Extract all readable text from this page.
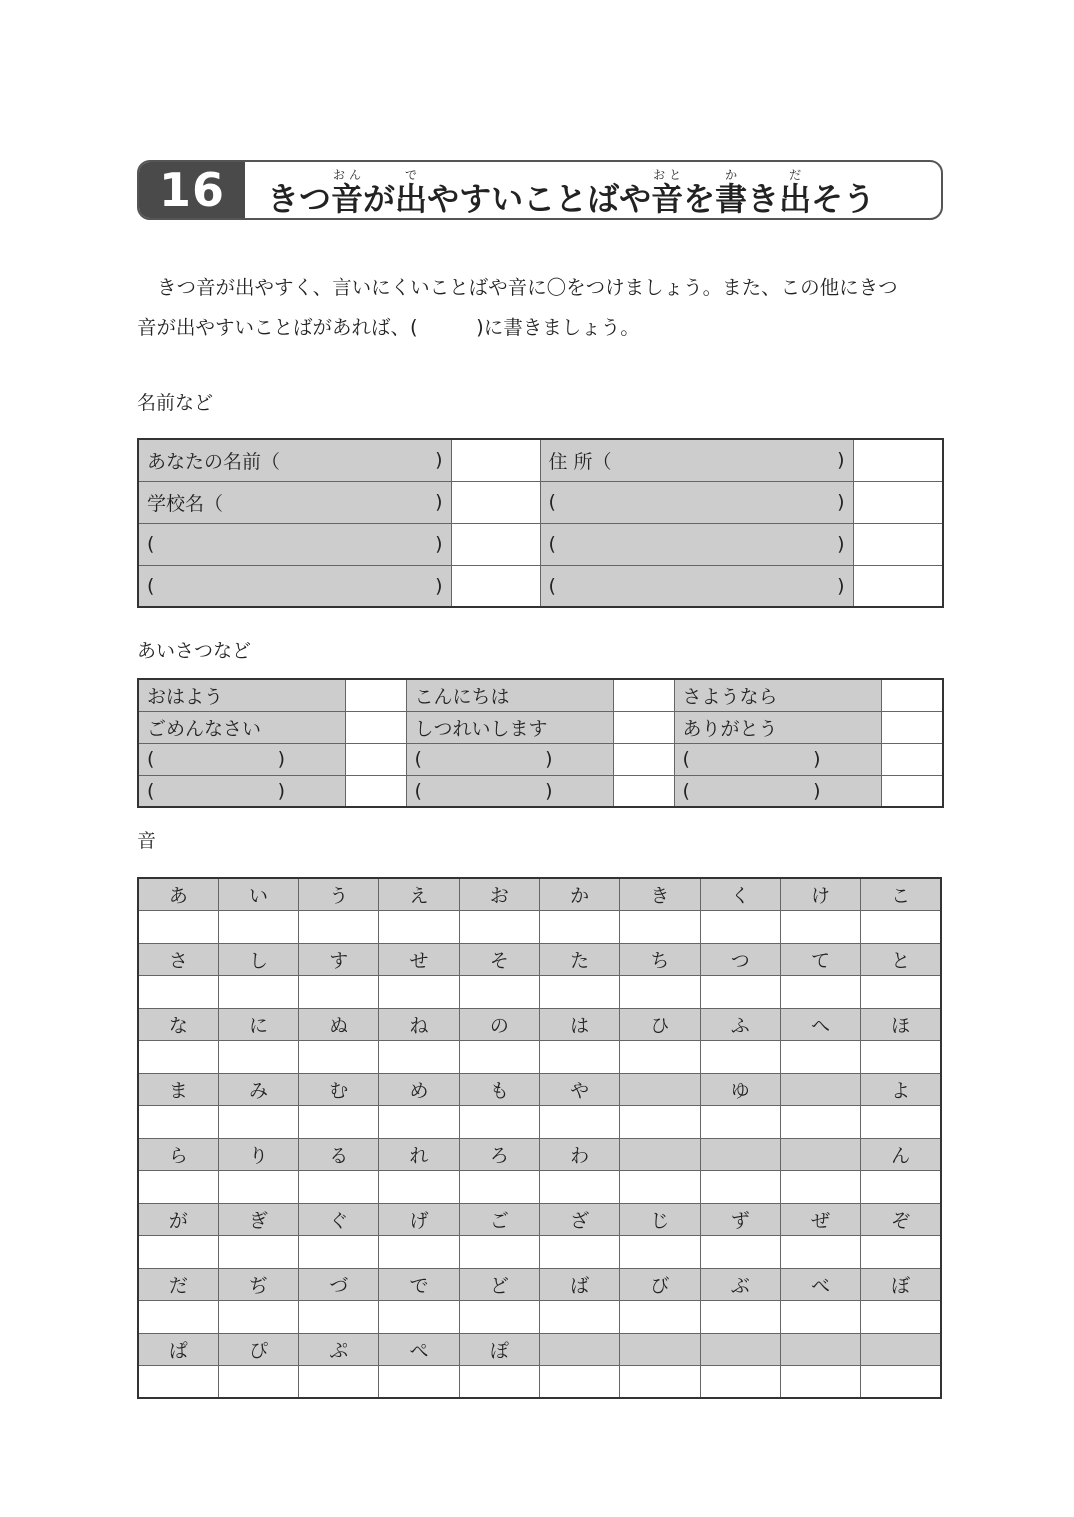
16	きつ音おんが出でやすいことばや音おとを書かき出だそう
きつ音が出やすく、言いにくいことばや音に〇をつけましょう。また、この他にきつ
音が出やすいことばがあれば、(　　　)に書きましょう。
名前など
あなたの名前（ )		住 所（ )	

学校名（ )		( )	

( )		( )	

( )		( )	

あいさつなど
おはよう		こんにちは		さようなら	

ごめんなさい		しつれいします		ありがとう	

( )		( )		( )	

( )		( )		( )	

音
あ	い	う	え	お	か	き	く	け	こ

さ	し	す	せ	そ	た	ち	つ	て	と

な	に	ぬ	ね	の	は	ひ	ふ	へ	ほ

ま	み	む	め	も	や		ゆ		よ

ら	り	る	れ	ろ	わ				ん

が	ぎ	ぐ	げ	ご	ざ	じ	ず	ぜ	ぞ

だ	ぢ	づ	で	ど	ば	び	ぶ	べ	ぼ

ぱ	ぴ	ぷ	ぺ	ぽ					
